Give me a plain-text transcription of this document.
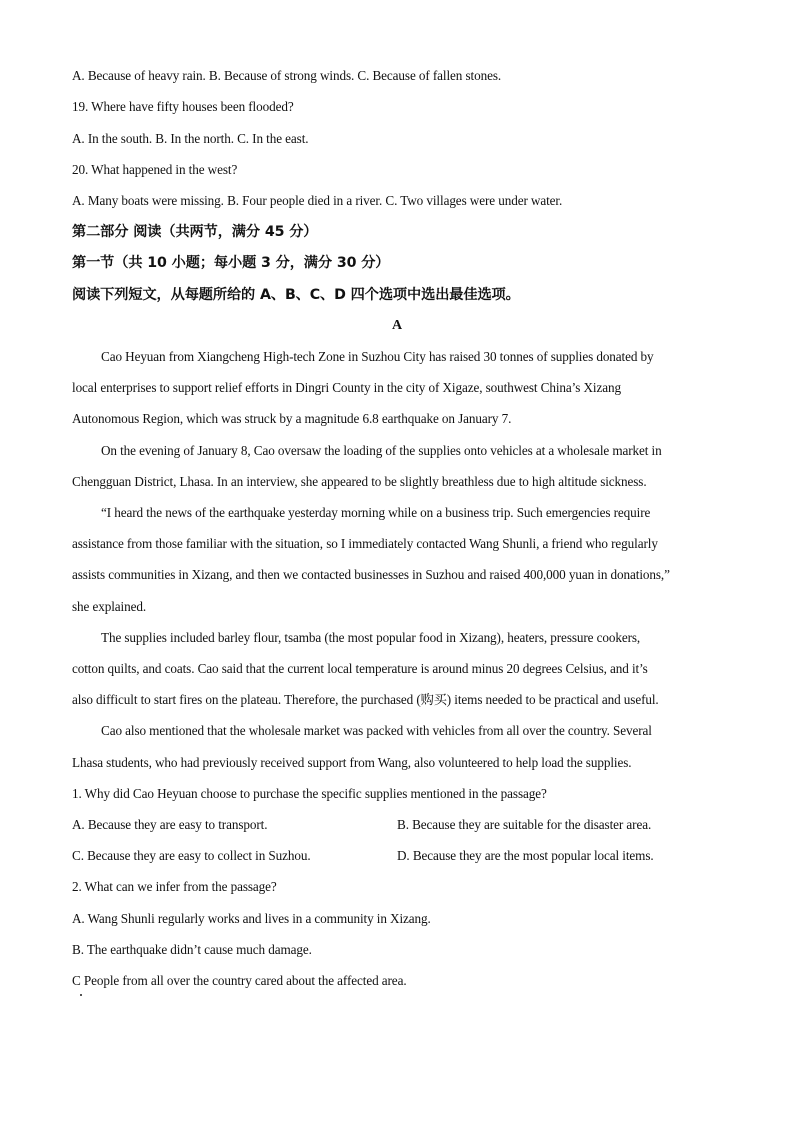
A. Because of heavy rain. B. Because of strong winds. C. Because of fallen stones.
19. Where have fifty houses been flooded?
A. In the south. B. In the north. C. In the east.
20. What happened in the west?
A. Many boats were missing. B. Four people died in a river. C. Two villages were under water.
第二部分 阅读（共两节，满分 45 分）
第一节（共 10 小题；每小题 3 分，满分 30 分）
阅读下列短文，从每题所给的 A、B、C、D 四个选项中选出最佳选项。
A
Cao Heyuan from Xiangcheng High-tech Zone in Suzhou City has raised 30 tonnes of supplies donated by
local enterprises to support relief efforts in Dingri County in the city of Xigaze, southwest China’s Xizang
Autonomous Region, which was struck by a magnitude 6.8 earthquake on January 7.
On the evening of January 8, Cao oversaw the loading of the supplies onto vehicles at a wholesale market in
Chengguan District, Lhasa. In an interview, she appeared to be slightly breathless due to high altitude sickness.
“I heard the news of the earthquake yesterday morning while on a business trip. Such emergencies require
assistance from those familiar with the situation, so I immediately contacted Wang Shunli, a friend who regularly
assists communities in Xizang, and then we contacted businesses in Suzhou and raised 400,000 yuan in donations,”
she explained.
The supplies included barley flour, tsamba (the most popular food in Xizang), heaters, pressure cookers,
cotton quilts, and coats. Cao said that the current local temperature is around minus 20 degrees Celsius, and it’s
also difficult to start fires on the plateau. Therefore, the purchased (购买) items needed to be practical and useful.
Cao also mentioned that the wholesale market was packed with vehicles from all over the country. Several
Lhasa students, who had previously received support from Wang, also volunteered to help load the supplies.
1. Why did Cao Heyuan choose to purchase the specific supplies mentioned in the passage?
A. Because they are easy to transport.	B. Because they are suitable for the disaster area.
C. Because they are easy to collect in Suzhou.	D. Because they are the most popular local items.
2. What can we infer from the passage?
A. Wang Shunli regularly works and lives in a community in Xizang.
B. The earthquake didn’t cause much damage.
C People from all over the country cared about the affected area.
